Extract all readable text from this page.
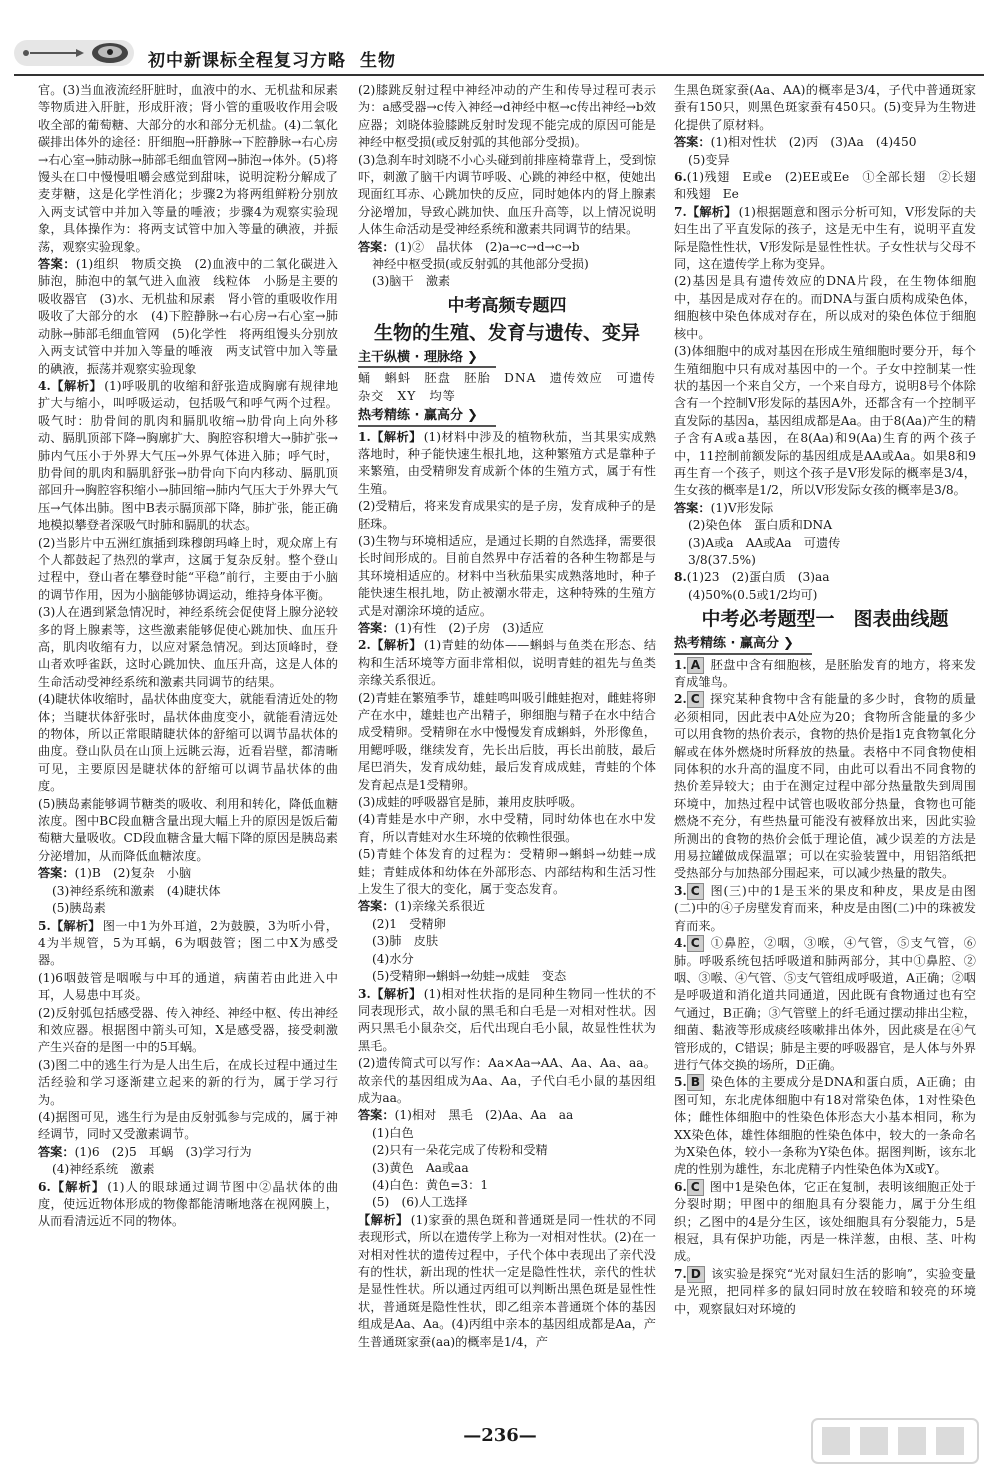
初中新课标全程复习方略 生物

官。(3)当血液流经肝脏时，血液中的水、无机盐和尿素等物质进入肝脏，形成肝液；肾小管的重吸收作用会吸收全部的葡萄糖、大部分的水和部分无机盐。(4)二氧化碳排出体外的途径：肝细胞→肝静脉→下腔静脉→右心房→右心室→肺动脉→肺部毛细血管网→肺泡→体外。(5)将馒头在口中慢慢咀嚼会感觉到甜味，说明淀粉分解成了麦芽糖，这是化学性消化；步骤2为将两组鲜粉分别放入两支试管中并加入等量的唾液；步骤4为观察实验现象，具体操作为：将两支试管中加入等量的碘液，并振荡，观察实验现象。

答案：(1)组织　物质交换　(2)血液中的二氧化碳进入肺泡，肺泡中的氧气进入血液　线粒体　小肠是主要的吸收器官　(3)水、无机盐和尿素　肾小管的重吸收作用吸收了大部分的水　(4)下腔静脉→右心房→右心室→肺动脉→肺部毛细血管网　(5)化学性　将两组馒头分别放入两支试管中并加入等量的唾液　两支试管中加入等量的碘液，振荡并观察实验现象

4.【解析】 (1)呼吸肌的收缩和舒张造成胸廓有规律地扩大与缩小，叫呼吸运动，包括吸气和呼气两个过程。吸气时：肋骨间的肌肉和膈肌收缩→肋骨向上向外移动、膈肌顶部下降→胸廓扩大、胸腔容积增大→肺扩张→肺内气压小于外界大气压→外界气体进入肺；呼气时，肋骨间的肌肉和膈肌舒张→肋骨向下向内移动、膈肌顶部回升→胸腔容积缩小→肺回缩→肺内气压大于外界大气压→气体出肺。图中B表示膈顶部下降，肺扩张，能正确地模拟攀登者深吸气时肺和膈肌的状态。

(2)当影片中五洲红旗插到珠穆朗玛峰上时，观众席上有个人都鼓起了热烈的掌声，这属于复杂反射。整个登山过程中，登山者在攀登时能“平稳”前行，主要由于小脑的调节作用，因为小脑能够协调运动，维持身体平衡。

(3)人在遇到紧急情况时，神经系统会促使肾上腺分泌较多的肾上腺素等，这些激素能够促使心跳加快、血压升高，肌肉收缩有力，以应对紧急情况。到达顶峰时，登山者欢呼雀跃，这时心跳加快、血压升高，这是人体的生命活动受神经系统和激素共同调节的结果。

(4)睫状体收缩时，晶状体曲度变大，就能看清近处的物体；当睫状体舒张时，晶状体曲度变小，就能看清远处的物体，所以正常眼睛睫状体的舒缩可以调节晶状体的曲度。登山队员在山顶上远眺云海，近看岩壁，都清晰可见，主要原因是睫状体的舒缩可以调节晶状体的曲度。

(5)胰岛素能够调节糖类的吸收、利用和转化，降低血糖浓度。图中BC段血糖含量出现大幅上升的原因是饭后葡萄糖大量吸收。CD段血糖含量大幅下降的原因是胰岛素分泌增加，从而降低血糖浓度。

答案：(1)B　(2)复杂　小脑

(3)神经系统和激素　(4)睫状体

(5)胰岛素

5.【解析】 图一中1为外耳道，2为鼓膜，3为听小骨，4为半规管，5为耳蜗，6为咽鼓管；图二中X为感受器。

(1)6咽鼓管是咽喉与中耳的通道，病菌若由此进入中耳，人易患中耳炎。

(2)反射弧包括感受器、传入神经、神经中枢、传出神经和效应器。根据图中箭头可知，X是感受器，接受刺激产生兴奋的是图一中的5耳蜗。

(3)图二中的逃生行为是人出生后，在成长过程中通过生活经验和学习逐渐建立起来的新的行为，属于学习行为。

(4)据图可见，逃生行为是由反射弧参与完成的，属于神经调节，同时又受激素调节。

答案：(1)6　(2)5　耳蜗　(3)学习行为

(4)神经系统　激素

6.【解析】 (1)人的眼球通过调节图中②晶状体的曲度，使远近物体形成的物像都能清晰地落在视网膜上，从而看清远近不同的物体。

(2)膝跳反射过程中神经冲动的产生和传导过程可表示为：a感受器→c传入神经→d神经中枢→c传出神经→b效应器；刘晓体验膝跳反射时发现不能完成的原因可能是神经中枢受损(或反射弧的其他部分受损)。

(3)急刹车时刘晓不小心头碰到前排座椅靠背上，受到惊吓，刺激了脑干内调节呼吸、心跳的神经中枢，使她出现面红耳赤、心跳加快的反应，同时她体内的肾上腺素分泌增加，导致心跳加快、血压升高等，以上情况说明人体生命活动是受神经系统和激素共同调节的结果。

答案：(1)②　晶状体　(2)a→c→d→c→b

神经中枢受损(或反射弧的其他部分受损)

(3)脑干　激素

中考高频专题四
生物的生殖、发育与遗传、变异
主干纵横 · 理脉络 ❯

蛹　蝌蚪　胚盘　胚胎　DNA　遗传效应　可遗传　杂交　XY　均等

热考精练 · 赢高分 ❯

1.【解析】 (1)材料中涉及的植物秋茄，当其果实成熟落地时，种子能快速生根扎地，这种繁殖方式是靠种子来繁殖，由受精卵发育成新个体的生殖方式，属于有性生殖。

(2)受精后，将来发育成果实的是子房，发育成种子的是胚珠。

(3)生物与环境相适应，是通过长期的自然选择，需要很长时间形成的。目前自然界中存活着的各种生物都是与其环境相适应的。材料中当秋茄果实成熟落地时，种子能快速生根扎地，防止被潮水带走，这种特殊的生殖方式是对潮涂环境的适应。

答案：(1)有性　(2)子房　(3)适应

2.【解析】 (1)青蛙的幼体——蝌蚪与鱼类在形态、结构和生活环境等方面非常相似，说明青蛙的祖先与鱼类亲缘关系很近。

(2)青蛙在繁殖季节，雄蛙鸣叫吸引雌蛙抱对，雌蛙将卵产在水中，雄蛙也产出精子，卵细胞与精子在水中结合成受精卵。受精卵在水中慢慢发育成蝌蚪，外形像鱼，用鳃呼吸，继续发育，先长出后肢，再长出前肢，最后尾巴消失，发育成幼蛙，最后发育成成蛙，青蛙的个体发育起点是1受精卵。

(3)成蛙的呼吸器官是肺，兼用皮肤呼吸。

(4)青蛙是水中产卵，水中受精，同时幼体也在水中发育，所以青蛙对水生环境的依赖性很强。

(5)青蛙个体发育的过程为：受精卵→蝌蚪→幼蛙→成蛙；青蛙成体和幼体在外部形态、内部结构和生活习性上发生了很大的变化，属于变态发育。

答案：(1)亲缘关系很近

(2)1　受精卵

(3)肺　皮肤

(4)水分

(5)受精卵→蝌蚪→幼蛙→成蛙　变态

3.【解析】 (1)相对性状指的是同种生物同一性状的不同表现形式，故小鼠的黑毛和白毛是一对相对性状。因两只黑毛小鼠杂交，后代出现白毛小鼠，故显性性状为黑毛。

(2)遗传简式可以写作：Aa×Aa→AA、Aa、Aa、aa。故亲代的基因组成为Aa、Aa，子代白毛小鼠的基因组成为aa。

答案：(1)相对　黑毛　(2)Aa、Aa　aa

(1)白色

(2)只有一朵花完成了传粉和受精

(3)黄色　Aa或aa

(4)白色：黄色=3：1

(5)　(6)人工选择

【解析】 (1)家蚕的黑色斑和普通斑是同一性状的不同表现形式，所以在遗传学上称为一对相对性状。(2)在一对相对性状的遗传过程中，子代个体中表现出了亲代没有的性状，新出现的性状一定是隐性性状，亲代的性状是显性性状。所以通过丙组可以判断出黑色斑是显性性状，普通斑是隐性性状，即乙组亲本普通斑个体的基因组成是Aa、Aa。(4)丙组中亲本的基因组成都是Aa，产生普通斑家蚕(aa)的概率是1/4，产

生黑色斑家蚕(Aa、AA)的概率是3/4，子代中普通斑家蚕有150只，则黑色斑家蚕有450只。(5)变异为生物进化提供了原材料。

答案：(1)相对性状　(2)丙　(3)Aa　(4)450

(5)变异

6.(1)残翅　E或e　(2)EE或Ee　①全部长翅　②长翅和残翅　Ee

7.【解析】 (1)根据题意和图示分析可知，V形发际的夫妇生出了平直发际的孩子，这是无中生有，说明平直发际是隐性性状，V形发际是显性性状。子女性状与父母不同，这在遗传学上称为变异。

(2)基因是具有遗传效应的DNA片段，在生物体细胞中，基因是成对存在的。而DNA与蛋白质构成染色体，细胞核中染色体成对存在，所以成对的染色体位于细胞核中。

(3)体细胞中的成对基因在形成生殖细胞时要分开，每个生殖细胞中只有成对基因中的一个。子女中控制某一性状的基因一个来自父方，一个来自母方，说明8号个体除含有一个控制V形发际的基因A外，还都含有一个控制平直发际的基因a，基因组成都是Aa。由于8(Aa)产生的精子含有A或a基因，在8(Aa)和9(Aa)生育的两个孩子中，11控制前额发际的基因组成是AA或Aa。如果8和9再生育一个孩子，则这个孩子是V形发际的概率是3/4，生女孩的概率是1/2，所以V形发际女孩的概率是3/8。

答案：(1)V形发际

(2)染色体　蛋白质和DNA

(3)A或a　AA或Aa　可遗传

3/8(37.5%)

8.(1)23　(2)蛋白质　(3)aa

(4)50%(0.5或1/2均可)

中考必考题型一　图表曲线题
热考精练 · 赢高分 ❯

1. A 胚盘中含有细胞核，是胚胎发育的地方，将来发育成雏鸟。

2. C 探究某种食物中含有能量的多少时，食物的质量必须相同，因此表中A处应为20；食物所含能量的多少可以用食物的热价表示，食物的热价是指1克食物氧化分解或在体外燃烧时所释放的热量。表格中不同食物使相同体积的水升高的温度不同，由此可以看出不同食物的热价差异较大；由于在测定过程中部分热量散失到周围环境中，加热过程中试管也吸收部分热量，食物也可能燃烧不充分，有些热量可能没有被释放出来，因此实验所测出的食物的热价会低于理论值，减少误差的方法是用易拉罐做成保温罩；可以在实验装置中，用铝箔纸把受热部分与加热部分围起来，可以减少热量的散失。

3. C 图(三)中的1是玉米的果皮和种皮，果皮是由图(二)中的④子房壁发育而来，种皮是由图(二)中的珠被发育而来。

4. C ①鼻腔，②咽，③喉，④气管，⑤支气管，⑥肺。呼吸系统包括呼吸道和肺两部分，其中①鼻腔、②咽、③喉、④气管、⑤支气管组成呼吸道，A正确；②咽是呼吸道和消化道共同通道，因此既有食物通过也有空气通过，B正确；③气管壁上的纤毛通过摆动排出尘粒，细菌、黏液等形成痰经咳嗽排出体外，因此痰是在④气管形成的，C错误；肺是主要的呼吸器官，是人体与外界进行气体交换的场所，D正确。

5. B 染色体的主要成分是DNA和蛋白质，A正确；由图可知，东北虎体细胞中有18对常染色体，1对性染色体；雌性体细胞中的性染色体形态大小基本相同，称为XX染色体，雄性体细胞的性染色体中，较大的一条命名为X染色体，较小一条称为Y染色体。据图判断，该东北虎的性别为雄性，东北虎精子内性染色体为X或Y。

6. C 图中1是染色体，它正在复制，表明该细胞正处于分裂时期；甲图中的细胞具有分裂能力，属于分生组织；乙图中的4是分生区，该处细胞具有分裂能力，5是根冠，具有保护功能，丙是一株洋葱，由根、茎、叶构成。

7. D 该实验是探究“光对鼠妇生活的影响”，实验变量是光照，把同样多的鼠妇同时放在较暗和较亮的环境中，观察鼠妇对环境的

—236—
